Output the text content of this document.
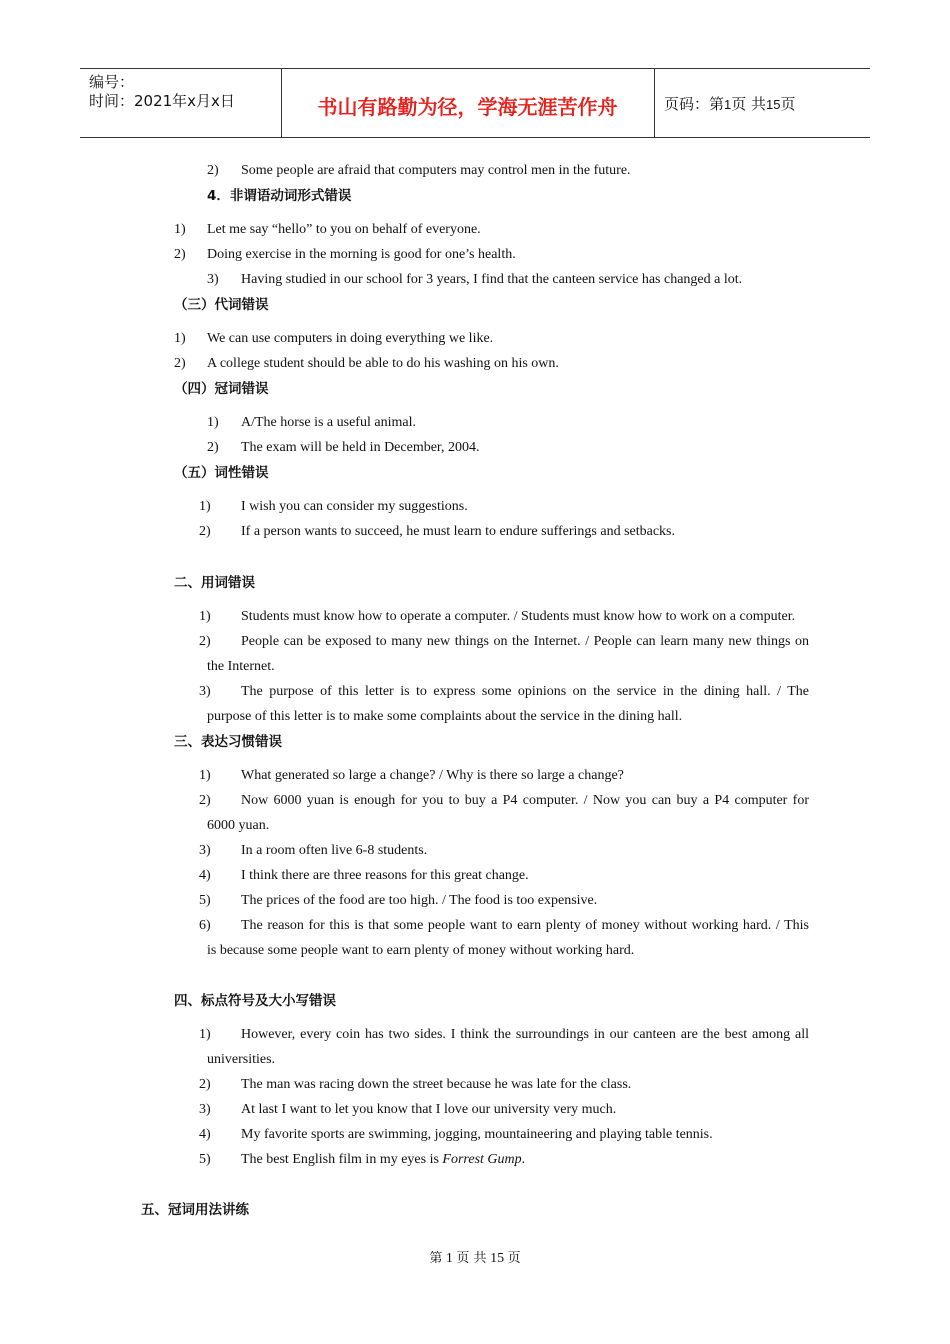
编号：
时间：2021年x月x日	书山有路勤为径，学海无涯苦作舟	页码：第1页 共15页
2) Some people are afraid that computers may control men in the future.
4．非谓语动词形式错误
1) Let me say “hello” to you on behalf of everyone.
2) Doing exercise in the morning is good for one’s health.
3) Having studied in our school for 3 years, I find that the canteen service has changed a lot.
（三）代词错误
1) We can use computers in doing everything we like.
2) A college student should be able to do his washing on his own.
（四）冠词错误
1) A/The horse is a useful animal.
2) The exam will be held in December, 2004.
（五）词性错误
1) I wish you can consider my suggestions.
2) If a person wants to succeed, he must learn to endure sufferings and setbacks.
二、用词错误
1) Students must know how to operate a computer. / Students must know how to work on a computer.
2) People can be exposed to many new things on the Internet. / People can learn many new things on
the Internet.
3) The purpose of this letter is to express some opinions on the service in the dining hall. / The
purpose of this letter is to make some complaints about the service in the dining hall.
三、表达习惯错误
1) What generated so large a change? / Why is there so large a change?
2) Now 6000 yuan is enough for you to buy a P4 computer. / Now you can buy a P4 computer for
6000 yuan.
3) In a room often live 6-8 students.
4) I think there are three reasons for this great change.
5) The prices of the food are too high. / The food is too expensive.
6) The reason for this is that some people want to earn plenty of money without working hard. / This
is because some people want to earn plenty of money without working hard.
四、标点符号及大小写错误
1) However, every coin has two sides. I think the surroundings in our canteen are the best among all
universities.
2) The man was racing down the street because he was late for the class.
3) At last I want to let you know that I love our university very much.
4) My favorite sports are swimming, jogging, mountaineering and playing table tennis.
5) The best English film in my eyes is Forrest Gump.
五、冠词用法讲练
第 1 页 共 15 页
